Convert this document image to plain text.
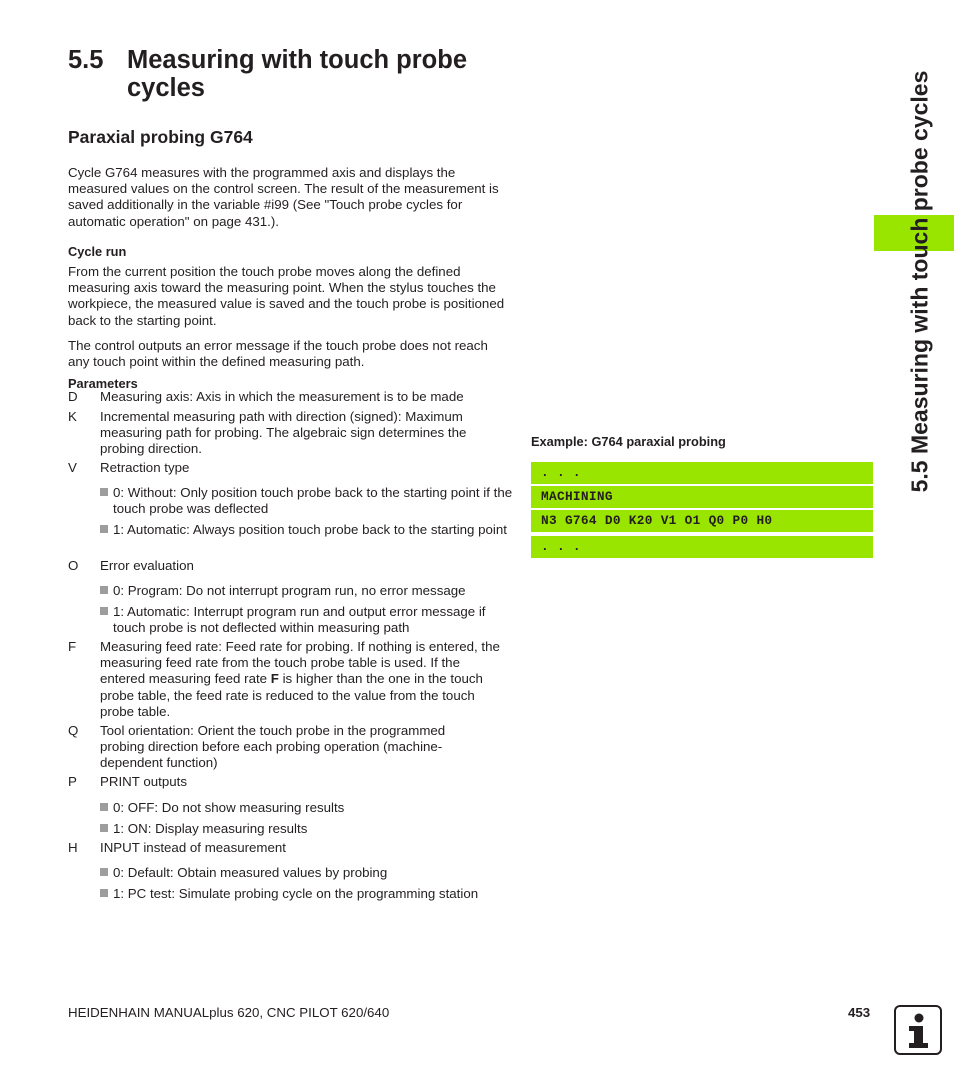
5.5 Measuring with touch probe cycles
Paraxial probing G764
Cycle G764 measures with the programmed axis and displays the measured values on the control screen. The result of the measurement is saved additionally in the variable #i99 (See "Touch probe cycles for automatic operation" on page 431.).
Cycle run
From the current position the touch probe moves along the defined measuring axis toward the measuring point. When the stylus touches the workpiece, the measured value is saved and the touch probe is positioned back to the starting point.
The control outputs an error message if the touch probe does not reach any touch point within the defined measuring path.
Parameters
D Measuring axis: Axis in which the measurement is to be made
K Incremental measuring path with direction (signed): Maximum measuring path for probing. The algebraic sign determines the probing direction.
V Retraction type
0: Without: Only position touch probe back to the starting point if the touch probe was deflected
1: Automatic: Always position touch probe back to the starting point
O Error evaluation
0: Program: Do not interrupt program run, no error message
1: Automatic: Interrupt program run and output error message if touch probe is not deflected within measuring path
F Measuring feed rate: Feed rate for probing. If nothing is entered, the measuring feed rate from the touch probe table is used. If the entered measuring feed rate F is higher than the one in the touch probe table, the feed rate is reduced to the value from the touch probe table.
Q Tool orientation: Orient the touch probe in the programmed probing direction before each probing operation (machine-dependent function)
P PRINT outputs
0: OFF: Do not show measuring results
1: ON: Display measuring results
H INPUT instead of measurement
0: Default: Obtain measured values by probing
1: PC test: Simulate probing cycle on the programming station
Example: G764 paraxial probing
. . .
MACHINING
N3 G764 D0 K20 V1 O1 Q0 P0 H0
. . .
5.5 Measuring with touch probe cycles
HEIDENHAIN MANUALplus 620, CNC PILOT 620/640	453
